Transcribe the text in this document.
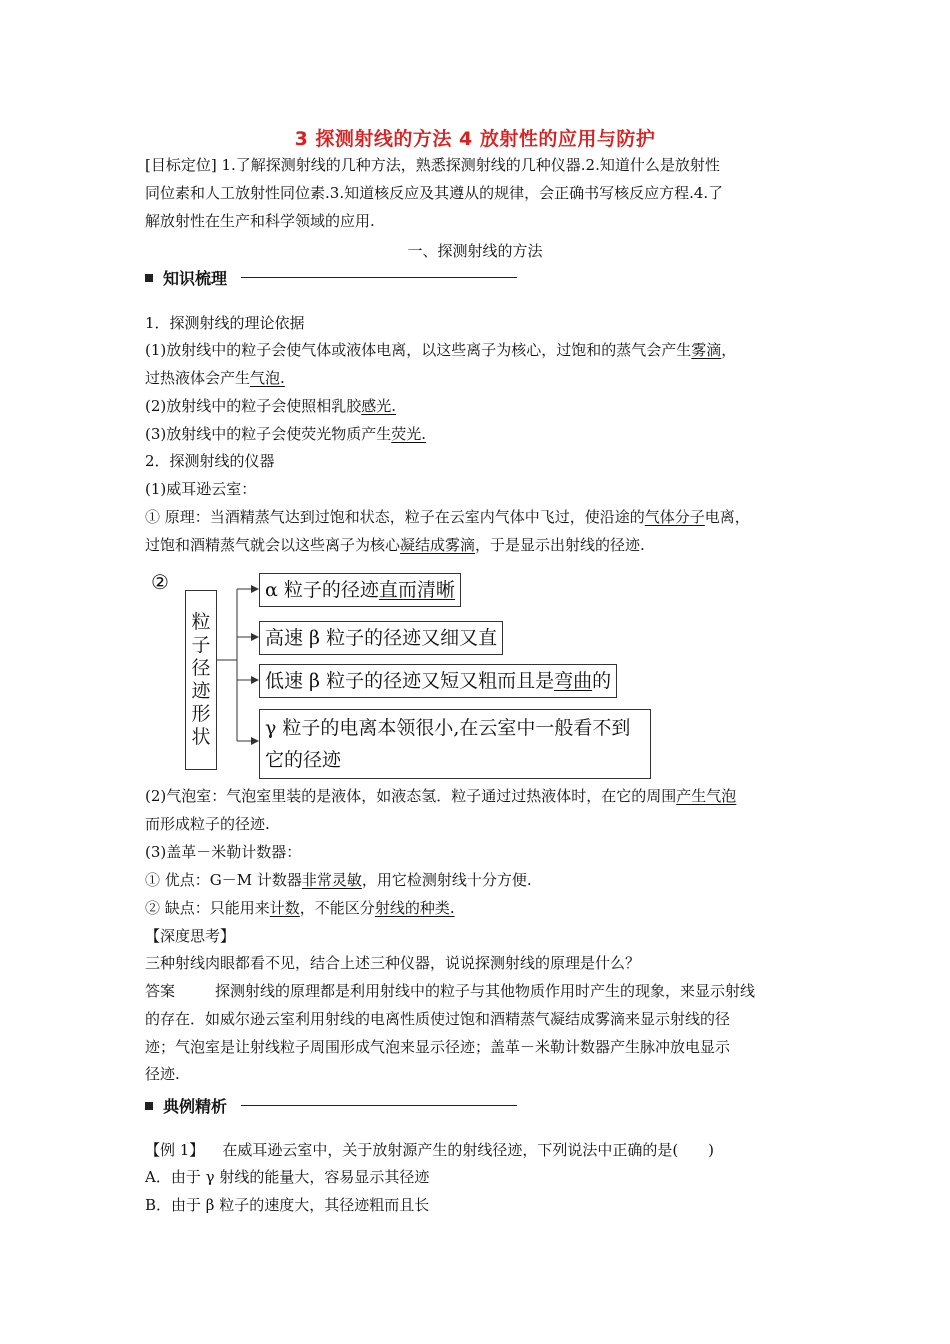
3 探测射线的方法 4 放射性的应用与防护
[目标定位] 1.了解探测射线的几种方法，熟悉探测射线的几种仪器.2.知道什么是放射性
同位素和人工放射性同位素.3.知道核反应及其遵从的规律，会正确书写核反应方程.4.了
解放射性在生产和科学领域的应用.
一、探测射线的方法
知识梳理
1．探测射线的理论依据
(1)放射线中的粒子会使气体或液体电离，以这些离子为核心，过饱和的蒸气会产生雾滴，
过热液体会产生气泡.
(2)放射线中的粒子会使照相乳胶感光.
(3)放射线中的粒子会使荧光物质产生荧光.
2．探测射线的仪器
(1)威耳逊云室：
① 原理：当酒精蒸气达到过饱和状态，粒子在云室内气体中飞过，使沿途的气体分子电离，
过饱和酒精蒸气就会以这些离子为核心凝结成雾滴，于是显示出射线的径迹.
②
粒子径迹形状
α 粒子的径迹直而清晰
高速 β 粒子的径迹又细又直
低速 β 粒子的径迹又短又粗而且是弯曲的
γ 粒子的电离本领很小,在云室中一般看不到它的径迹
(2)气泡室：气泡室里装的是液体，如液态氢．粒子通过过热液体时，在它的周围产生气泡
而形成粒子的径迹.
(3)盖革－米勒计数器：
① 优点：G－M 计数器非常灵敏，用它检测射线十分方便.
② 缺点：只能用来计数，不能区分射线的种类.
【深度思考】
三种射线肉眼都看不见，结合上述三种仪器，说说探测射线的原理是什么？
答案	探测射线的原理都是利用射线中的粒子与其他物质作用时产生的现象，来显示射线
的存在．如威尔逊云室利用射线的电离性质使过饱和酒精蒸气凝结成雾滴来显示射线的径
迹；气泡室是让射线粒子周围形成气泡来显示径迹；盖革－米勒计数器产生脉冲放电显示
径迹.
典例精析
【例 1】 在威耳逊云室中，关于放射源产生的射线径迹，下列说法中正确的是(　　)
A．由于 γ 射线的能量大，容易显示其径迹
B．由于 β 粒子的速度大，其径迹粗而且长
